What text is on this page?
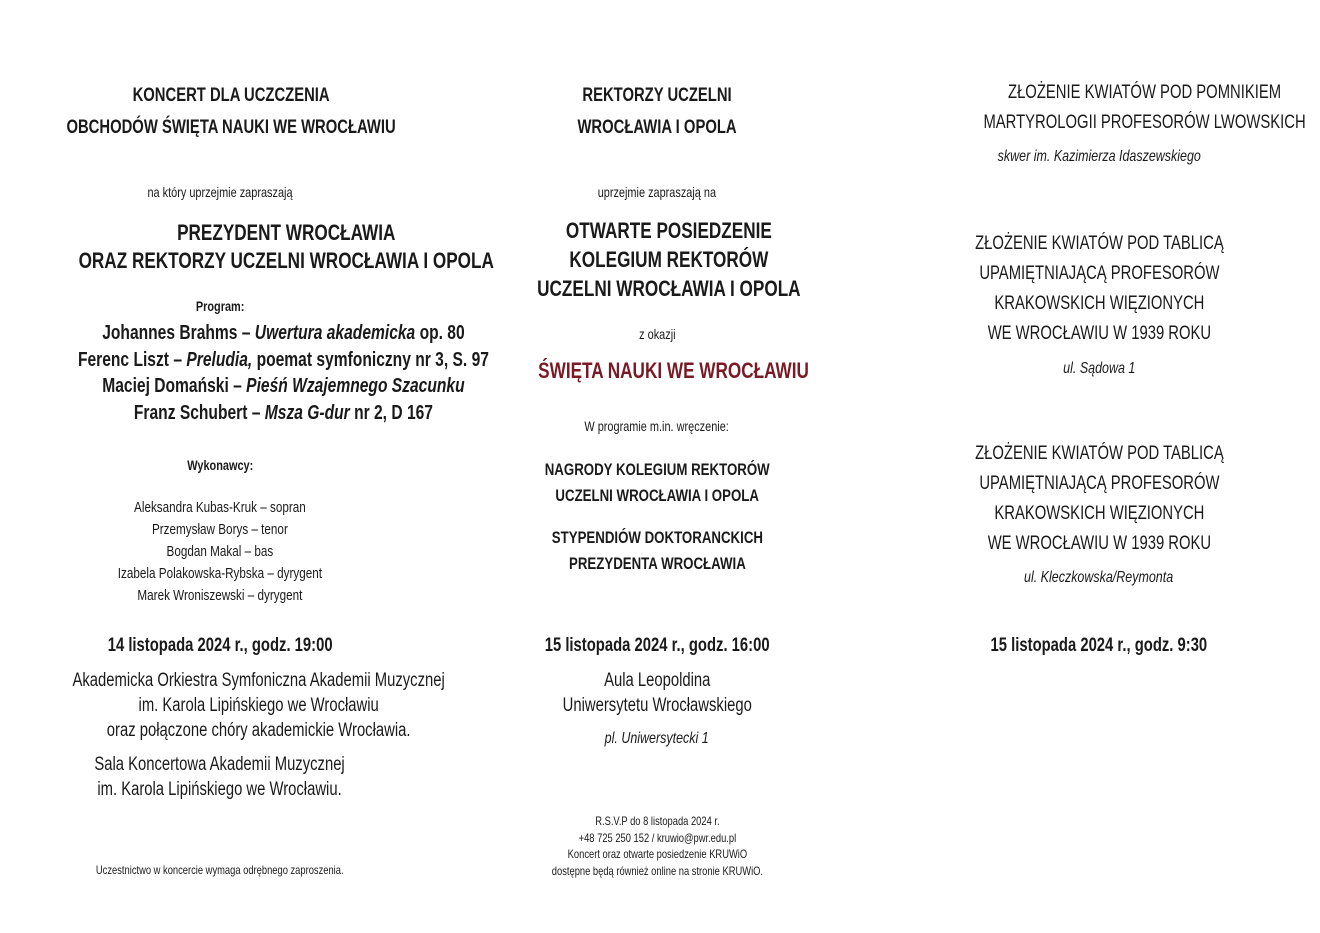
KONCERT DLA UCZCZENIA
OBCHODÓW ŚWIĘTA NAUKI WE WROCŁAWIU
na który uprzejmie zapraszają
PREZYDENT WROCŁAWIA
ORAZ REKTORZY UCZELNI WROCŁAWIA I OPOLA
Program:
Johannes Brahms – Uwertura akademicka op. 80
Ferenc Liszt – Preludia, poemat symfoniczny nr 3, S. 97
Maciej Domański – Pieśń Wzajemnego Szacunku
Franz Schubert – Msza G-dur nr 2, D 167
Wykonawcy:
Aleksandra Kubas-Kruk – sopran
Przemysław Borys – tenor
Bogdan Makal – bas
Izabela Polakowska-Rybska – dyrygent
Marek Wroniszewski – dyrygent
14 listopada 2024 r., godz. 19:00
Akademicka Orkiestra Symfoniczna Akademii Muzycznej
im. Karola Lipińskiego we Wrocławiu
oraz połączone chóry akademickie Wrocławia.
Sala Koncertowa Akademii Muzycznej
im. Karola Lipińskiego we Wrocławiu.
Uczestnictwo w koncercie wymaga odrębnego zaproszenia.
REKTORZY UCZELNI
WROCŁAWIA I OPOLA
uprzejmie zapraszają na
OTWARTE POSIEDZENIE
KOLEGIUM REKTORÓW
UCZELNI WROCŁAWIA I OPOLA
z okazji
ŚWIĘTA NAUKI WE WROCŁAWIU
W programie m.in. wręczenie:
NAGRODY KOLEGIUM REKTORÓW
UCZELNI WROCŁAWIA I OPOLA
STYPENDIÓW DOKTORANCKICH
PREZYDENTA WROCŁAWIA
15 listopada 2024 r., godz. 16:00
Aula Leopoldina
Uniwersytetu Wrocławskiego
pl. Uniwersytecki 1
R.S.V.P do 8 listopada 2024 r.
+48 725 250 152 / kruwio@pwr.edu.pl
Koncert oraz otwarte posiedzenie KRUWiO
dostępne będą również online na stronie KRUWiO.
ZŁOŻENIE KWIATÓW POD POMNIKIEM
MARTYROLOGII PROFESORÓW LWOWSKICH
skwer im. Kazimierza Idaszewskiego
ZŁOŻENIE KWIATÓW POD TABLICĄ
UPAMIĘTNIAJĄCĄ PROFESORÓW
KRAKOWSKICH WIĘZIONYCH
WE WROCŁAWIU W 1939 ROKU
ul. Sądowa 1
ZŁOŻENIE KWIATÓW POD TABLICĄ
UPAMIĘTNIAJĄCĄ PROFESORÓW
KRAKOWSKICH WIĘZIONYCH
WE WROCŁAWIU W 1939 ROKU
ul. Kleczkowska/Reymonta
15 listopada 2024 r., godz. 9:30
